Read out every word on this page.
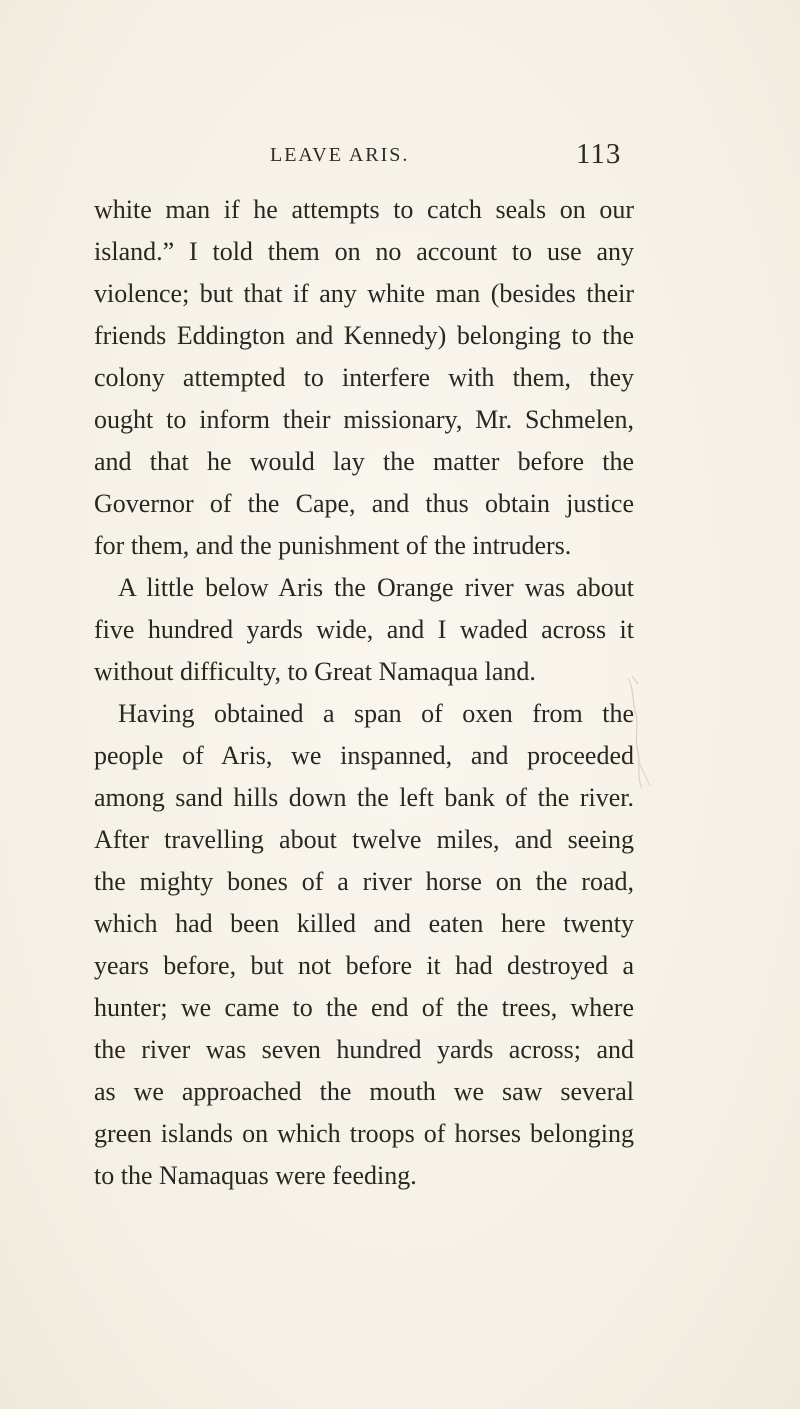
LEAVE ARIS.	113
white man if he attempts to catch seals on our
island.” I told them on no account to use any
violence; but that if any white man (besides their
friends Eddington and Kennedy) belonging to the
colony attempted to interfere with them, they
ought to inform their missionary, Mr. Schmelen,
and that he would lay the matter before the
Governor of the Cape, and thus obtain justice
for them, and the punishment of the intruders.
A little below Aris the Orange river was about
five hundred yards wide, and I waded across it
without difficulty, to Great Namaqua land.
Having obtained a span of oxen from the
people of Aris, we inspanned, and proceeded
among sand hills down the left bank of the river.
After travelling about twelve miles, and seeing
the mighty bones of a river horse on the road,
which had been killed and eaten here twenty
years before, but not before it had destroyed a
hunter; we came to the end of the trees, where
the river was seven hundred yards across; and
as we approached the mouth we saw several
green islands on which troops of horses belonging
to the Namaquas were feeding.
